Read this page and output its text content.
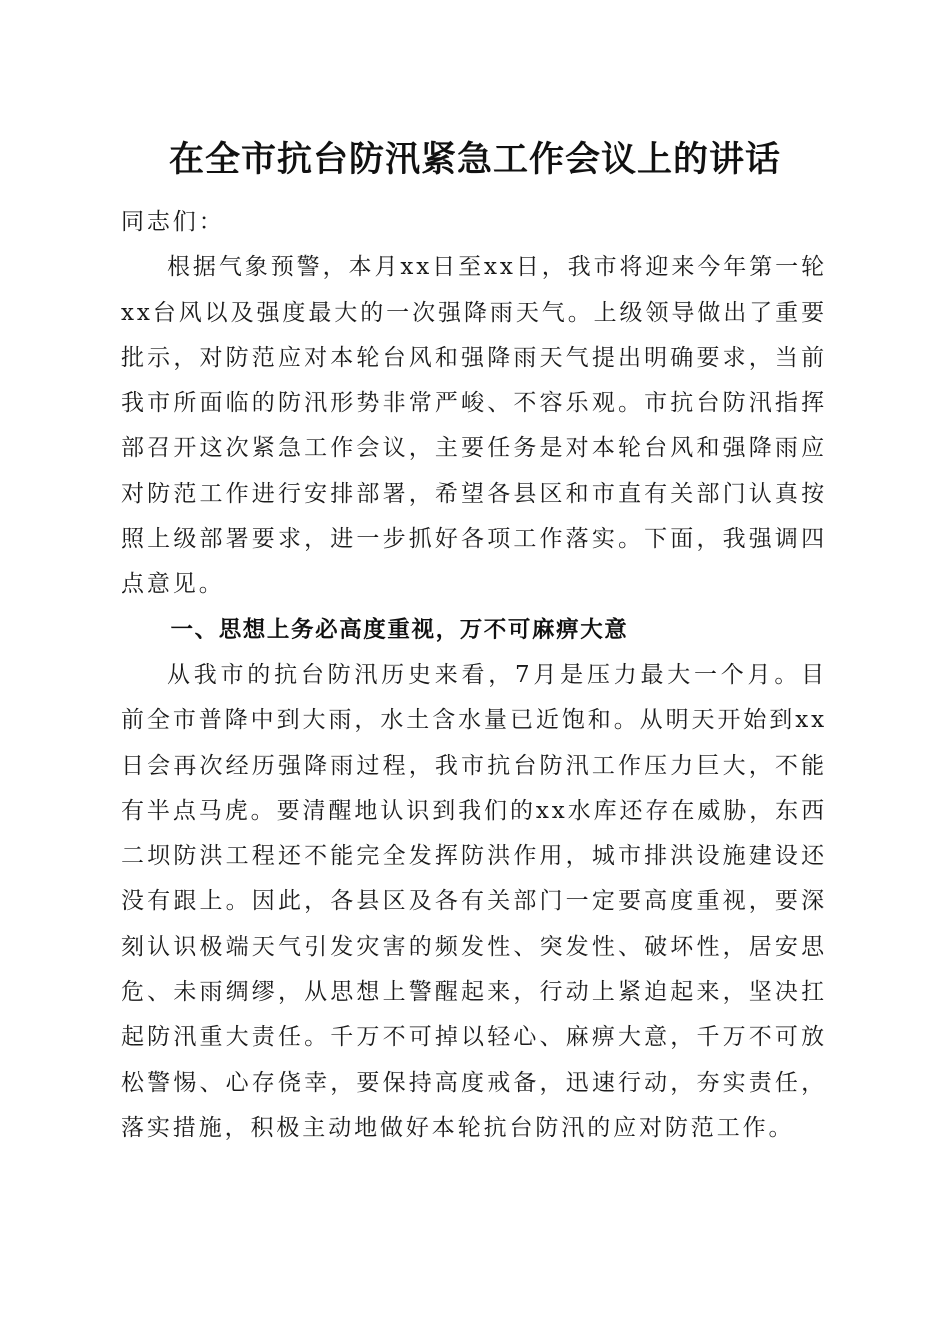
在全市抗台防汛紧急工作会议上的讲话

同志们：

根据气象预警，本月xx日至xx日，我市将迎来今年第一轮xx台风以及强度最大的一次强降雨天气。上级领导做出了重要批示，对防范应对本轮台风和强降雨天气提出明确要求，当前我市所面临的防汛形势非常严峻、不容乐观。市抗台防汛指挥部召开这次紧急工作会议，主要任务是对本轮台风和强降雨应对防范工作进行安排部署，希望各县区和市直有关部门认真按照上级部署要求，进一步抓好各项工作落实。下面，我强调四点意见。

一、思想上务必高度重视，万不可麻痹大意

从我市的抗台防汛历史来看，7月是压力最大一个月。目前全市普降中到大雨，水土含水量已近饱和。从明天开始到xx日会再次经历强降雨过程，我市抗台防汛工作压力巨大，不能有半点马虎。要清醒地认识到我们的xx水库还存在威胁，东西二坝防洪工程还不能完全发挥防洪作用，城市排洪设施建设还没有跟上。因此，各县区及各有关部门一定要高度重视，要深刻认识极端天气引发灾害的频发性、突发性、破坏性，居安思危、未雨绸缪，从思想上警醒起来，行动上紧迫起来，坚决扛起防汛重大责任。千万不可掉以轻心、麻痹大意，千万不可放松警惕、心存侥幸，要保持高度戒备，迅速行动，夯实责任，落实措施，积极主动地做好本轮抗台防汛的应对防范工作。
